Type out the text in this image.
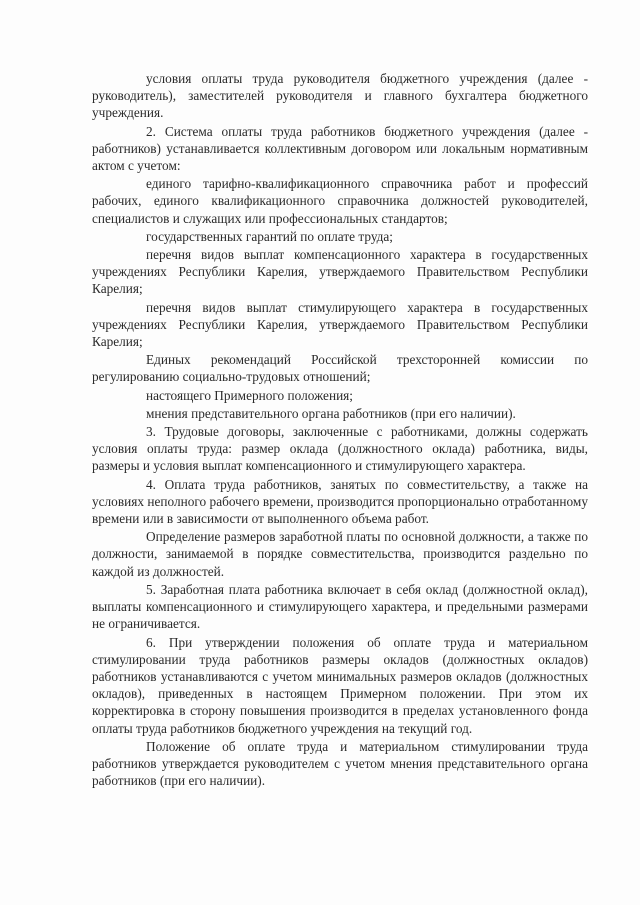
условия оплаты труда руководителя бюджетного учреждения (далее - руководитель), заместителей руководителя и главного бухгалтера бюджетного учреждения.

2. Система оплаты труда работников бюджетного учреждения (далее - работников) устанавливается коллективным договором или локальным нормативным актом с учетом:

единого тарифно-квалификационного справочника работ и профессий рабочих, единого квалификационного справочника должностей руководителей, специалистов и служащих или профессиональных стандартов;

государственных гарантий по оплате труда;

перечня видов выплат компенсационного характера в государственных учреждениях Республики Карелия, утверждаемого Правительством Республики Карелия;

перечня видов выплат стимулирующего характера в государственных учреждениях Республики Карелия, утверждаемого Правительством Республики Карелия;

Единых рекомендаций Российской трехсторонней комиссии по регулированию социально-трудовых отношений;

настоящего Примерного положения;

мнения представительного органа работников (при его наличии).

3. Трудовые договоры, заключенные с работниками, должны содержать условия оплаты труда: размер оклада (должностного оклада) работника, виды, размеры и условия выплат компенсационного и стимулирующего характера.

4. Оплата труда работников, занятых по совместительству, а также на условиях неполного рабочего времени, производится пропорционально отработанному времени или в зависимости от выполненного объема работ.

Определение размеров заработной платы по основной должности, а также по должности, занимаемой в порядке совместительства, производится раздельно по каждой из должностей.

5. Заработная плата работника включает в себя оклад (должностной оклад), выплаты компенсационного и стимулирующего характера, и предельными размерами не ограничивается.

6. При утверждении положения об оплате труда и материальном стимулировании труда работников размеры окладов (должностных окладов) работников устанавливаются с учетом минимальных размеров окладов (должностных окладов), приведенных в настоящем Примерном положении. При этом их корректировка в сторону повышения производится в пределах установленного фонда оплаты труда работников бюджетного учреждения на текущий год.

Положение об оплате труда и материальном стимулировании труда работников утверждается руководителем с учетом мнения представительного органа работников (при его наличии).
